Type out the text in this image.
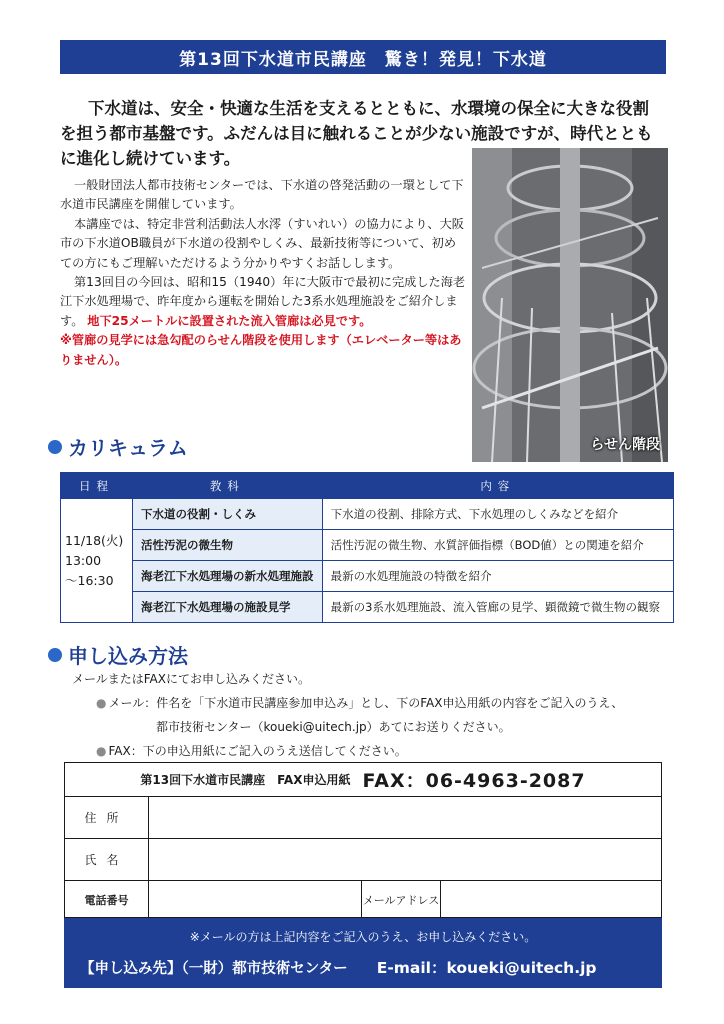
第13回下水道市民講座　驚き！発見！下水道

下水道は、安全・快適な生活を支えるとともに、水環境の保全に大きな役割を担う都市基盤です。ふだんは目に触れることが少ない施設ですが、時代とともに進化し続けています。

一般財団法人都市技術センターでは、下水道の啓発活動の一環として下水道市民講座を開催しています。

本講座では、特定非営利活動法人水澪（すいれい）の協力により、大阪市の下水道OB職員が下水道の役割やしくみ、最新技術等について、初めての方にもご理解いただけるよう分かりやすくお話しします。

第13回目の今回は、昭和15（1940）年に大阪市で最初に完成した海老江下水処理場で、昨年度から運転を開始した3系水処理施設をご紹介します。 地下25メートルに設置された流入管廊は必見です。

※管廊の見学には急勾配のらせん階段を使用します（エレベーター等はありません）。

らせん階段
カリキュラム
日程	教科	内容

11/18(火)
13:00
～16:30	下水道の役割・しくみ	下水道の役割、排除方式、下水処理のしくみなどを紹介
	活性汚泥の微生物	活性汚泥の微生物、水質評価指標（BOD値）との関連を紹介
	海老江下水処理場の新水処理施設	最新の水処理施設の特徴を紹介
	海老江下水処理場の施設見学	最新の3系水処理施設、流入管廊の見学、顕微鏡で微生物の観察
申し込み方法
メールまたはFAXにてお申し込みください。
● メール：件名を「下水道市民講座参加申込み」とし、下のFAX申込用紙の内容をご記入のうえ、
都市技術センター（koueki@uitech.jp）あてにお送りください。
● FAX：下の申込用紙にご記入のうえ送信してください。
第13回下水道市民講座　FAX申込用紙 FAX：06-4963-2087
住所
氏名
電話番号	メールアドレス
※メールの方は上記内容をご記入のうえ、お申し込みください。
【申し込み先】（一財）都市技術センター E-mail：koueki@uitech.jp
